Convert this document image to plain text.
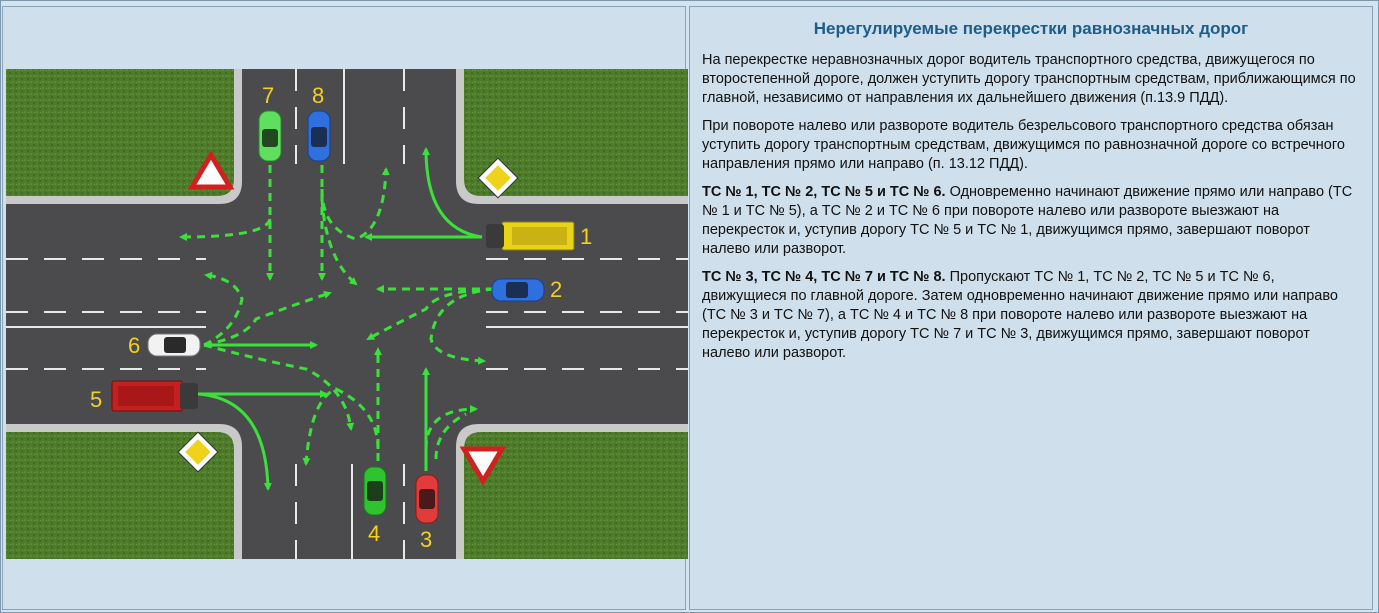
1
2
3
4
5
6
7 8
Нерегулируемые перекрестки равнозначных дорог

На перекрестке неравнозначных дорог водитель транспортного средства, движущегося по второстепенной дороге, должен уступить дорогу транспортным средствам, приближающимся по главной, независимо от направления их дальнейшего движения (п.13.9 ПДД).

При повороте налево или развороте водитель безрельсового транспортного средства обязан уступить дорогу транспортным средствам, движущимся по равнозначной дороге со встречного направления прямо или направо (п. 13.12 ПДД).

ТС № 1, ТС № 2, ТС № 5 и ТС № 6. Одновременно начинают движение прямо или направо (ТС № 1 и ТС № 5), а ТС № 2 и ТС № 6 при повороте налево или развороте выезжают на перекресток и, уступив дорогу ТС № 5 и ТС № 1, движущимся прямо, завершают поворот налево или разворот.

ТС № 3, ТС № 4, ТС № 7 и ТС № 8. Пропускают ТС № 1, ТС № 2, ТС № 5 и ТС № 6, движущиеся по главной дороге. Затем одновременно начинают движение прямо или направо (ТС № 3 и ТС № 7), а ТС № 4 и ТС № 8 при повороте налево или развороте выезжают на перекресток и, уступив дорогу ТС № 7 и ТС № 3, движущимся прямо, завершают поворот налево или разворот.
